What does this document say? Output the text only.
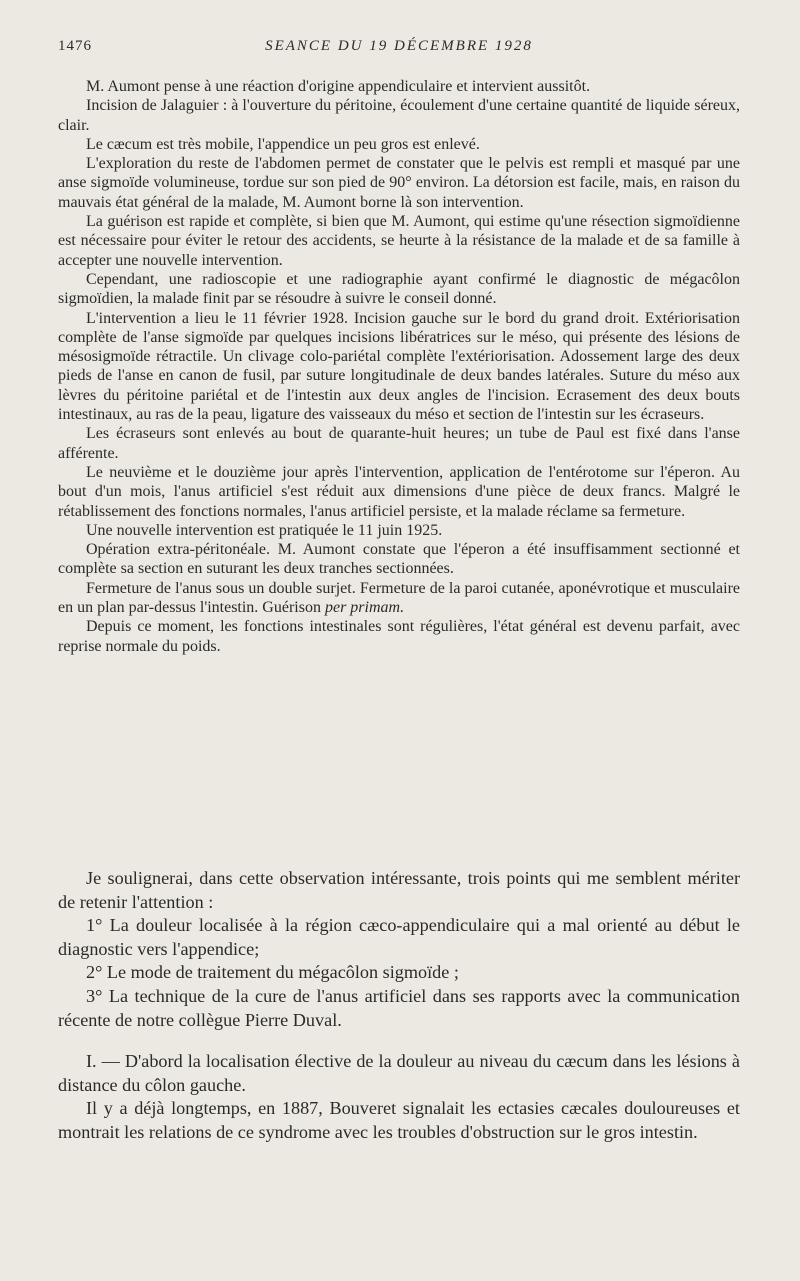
1476	SEANCE DU 19 DÉCEMBRE 1928

M. Aumont pense à une réaction d'origine appendiculaire et intervient aussitôt.

Incision de Jalaguier : à l'ouverture du péritoine, écoulement d'une certaine quantité de liquide séreux, clair.

Le cæcum est très mobile, l'appendice un peu gros est enlevé.

L'exploration du reste de l'abdomen permet de constater que le pelvis est rempli et masqué par une anse sigmoïde volumineuse, tordue sur son pied de 90° environ. La détorsion est facile, mais, en raison du mauvais état général de la malade, M. Aumont borne là son intervention.

La guérison est rapide et complète, si bien que M. Aumont, qui estime qu'une résection sigmoïdienne est nécessaire pour éviter le retour des accidents, se heurte à la résistance de la malade et de sa famille à accepter une nouvelle intervention.

Cependant, une radioscopie et une radiographie ayant confirmé le diagnostic de mégacôlon sigmoïdien, la malade finit par se résoudre à suivre le conseil donné.

L'intervention a lieu le 11 février 1928. Incision gauche sur le bord du grand droit. Extériorisation complète de l'anse sigmoïde par quelques incisions libératrices sur le méso, qui présente des lésions de mésosigmoïde rétractile. Un clivage colo-pariétal complète l'extériorisation. Adossement large des deux pieds de l'anse en canon de fusil, par suture longitudinale de deux bandes latérales. Suture du méso aux lèvres du péritoine pariétal et de l'intestin aux deux angles de l'incision. Ecrasement des deux bouts intestinaux, au ras de la peau, ligature des vaisseaux du méso et section de l'intestin sur les écraseurs.

Les écraseurs sont enlevés au bout de quarante-huit heures; un tube de Paul est fixé dans l'anse afférente.

Le neuvième et le douzième jour après l'intervention, application de l'entérotome sur l'éperon. Au bout d'un mois, l'anus artificiel s'est réduit aux dimensions d'une pièce de deux francs. Malgré le rétablissement des fonctions normales, l'anus artificiel persiste, et la malade réclame sa fermeture.

Une nouvelle intervention est pratiquée le 11 juin 1925.

Opération extra-péritonéale. M. Aumont constate que l'éperon a été insuffisamment sectionné et complète sa section en suturant les deux tranches sectionnées.

Fermeture de l'anus sous un double surjet. Fermeture de la paroi cutanée, aponévrotique et musculaire en un plan par-dessus l'intestin. Guérison per primam.

Depuis ce moment, les fonctions intestinales sont régulières, l'état général est devenu parfait, avec reprise normale du poids.

Je soulignerai, dans cette observation intéressante, trois points qui me semblent mériter de retenir l'attention :

1° La douleur localisée à la région cæco-appendiculaire qui a mal orienté au début le diagnostic vers l'appendice;

2° Le mode de traitement du mégacôlon sigmoïde ;

3° La technique de la cure de l'anus artificiel dans ses rapports avec la communication récente de notre collègue Pierre Duval.

I. — D'abord la localisation élective de la douleur au niveau du cæcum dans les lésions à distance du côlon gauche.

Il y a déjà longtemps, en 1887, Bouveret signalait les ectasies cæcales douloureuses et montrait les relations de ce syndrome avec les troubles d'obstruction sur le gros intestin.
